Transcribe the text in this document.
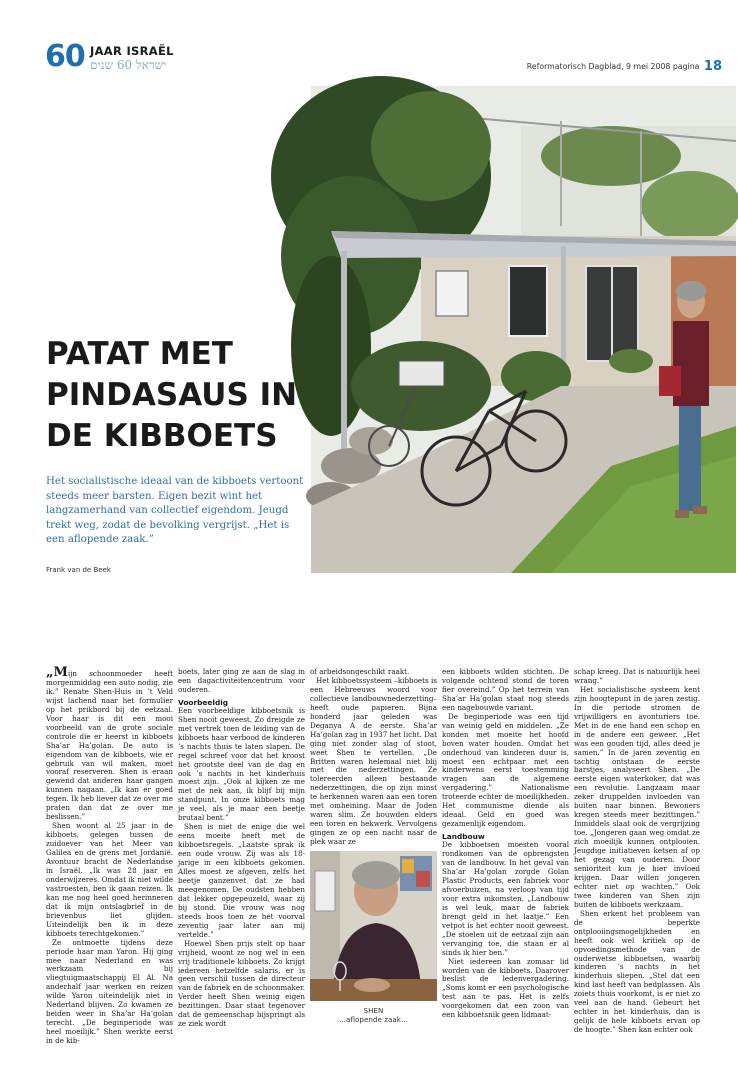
60 JAAR ISRAËL
ישראל 60 שנים	Reformatorisch Dagblad, 9 mei 2008 pagina 18
PATAT MET
PINDASAUS IN
DE KIBBOETS

Het socialistische ideaal van de kibboets vertoont steeds meer barsten. Eigen bezit wint het langzamerhand van collectief eigendom. Jeugd trekt weg, zodat de bevolking vergrijst. „Het is een aflopende zaak.”

Frank van de Beek

„Mijn schoonmoeder heeft morgenmiddag een auto nodig, zie ik.” Renate Shen-Huis in ’t Veld wijst lachend naar het formulier op het prikbord bij de eetzaal. Voor haar is dit een mooi voorbeeld van de grote sociale controle die er heerst in kibboets Sha’ar Ha’golan. De auto is eigendom van de kibboets, wie er gebruik van wil maken, moet vooraf reserveren. Shen is eraan gewend dat anderen haar gangen kunnen nagaan. „Ik kan er goed tegen. Ik heb liever dat ze over me praten dan dat ze over me beslissen.”

Shen woont al 25 jaar in de kibboets, gelegen tussen de zuidoever van het Meer van Galilea en de grens met Jordanië. Avontuur bracht de Nederlandse in Israël. „Ik was 28 jaar en onderwijzeres. Omdat ik niet wilde vastroesten, ben ik gaan reizen. Ik kan me nog heel goed herinneren dat ik mijn ontslagbrief in de brievenbus liet glijden. Uiteindelijk ben ik in deze kibboets terechtgekomen.”

Ze ontmoette tijdens deze periode haar man Yaron. Hij ging mee naar Nederland en was werkzaam bij vliegtuigmaatschappij El Al. Na anderhalf jaar werken en reizen wilde Yaron uiteindelijk niet in Nederland blijven. Zo kwamen ze beiden weer in Sha’ar Ha’golan terecht. „De beginperiode was heel moeilijk.” Shen werkte eerst in de kib-

boets, later ging ze aan de slag in een dagactiviteitencentrum voor ouderen.

Voorbeeldig

Een voorbeeldige kibboetsnik is Shen nooit geweest. Zo dreigde ze met vertrek toen de leiding van de kibboets haar verbood de kinderen ’s nachts thuis te laten slapen. De regel schreef voor dat het kroost het grootste deel van de dag en ook ’s nachts in het kinderhuis moest zijn. „Ook al kijken ze me met de nek aan, ik blijf bij mijn standpunt. In onze kibboets mag je veel, als je maar een beetje brutaal bent.”

Shen is niet de enige die wel eens moeite heeft met de kibboetsregels. „Laatste sprak ik een oude vrouw. Zij was als 18-jarige in een kibboets gekomen. Alles moest ze afgeven, zelfs het beetje ganzenvet dat ze had meegenomen. De oudsten hebben dat lekker opgepeuzeld, waar zij bij stond. Die vrouw was nog steeds boos toen ze het voorval zeventig jaar later aan mij vertelde.”

Hoewel Shen prijs stelt op haar vrijheid, woont ze nog wel in een vrij traditionele kibboets. Zo krijgt iedereen hetzelfde salaris, er is geen verschil tussen de directeur van de fabriek en de schoonmaker. Verder heeft Shen weinig eigen bezittingen. Daar staat tegenover dat de gemeenschap bijspringt als ze ziek wordt

of arbeidsongeschikt raakt.

Het kibboetssysteem –kibboets is een Hebreeuws woord voor collectieve landbouwnederzetting– heeft oude papieren. Bijna honderd jaar geleden was Deganya A de eerste. Sha’ar Ha’golan zag in 1937 het licht. Dat ging niet zonder slag of stoot, weet Shen te vertellen. „De Britten waren helemaal niet blij met die nederzettingen. Ze tolereerden alleen bestaande nederzettingen, die op zijn minst te herkennen waren aan een toren met omheining. Maar de Joden waren slim. Ze bouwden elders een toren en hekwerk. Vervolgens gingen ze op een nacht naar de plek waar ze

SHEN
...aflopende zaak...

een kibboets wilden stichten. De volgende ochtend stond de toren fier overeind.” Op het terrein van Sha’ar Ha’golan staat nog steeds een nagebouwde variant.

De beginperiode was een tijd van weinig geld en middelen. „Ze konden met moeite het hoofd boven water houden. Omdat het onderhoud van kinderen duur is, moest een echtpaar met een kinderwens eerst toestemming vragen aan de algemene vergadering.” Nationalisme troteerde echter de moeilijkheden. Het communisme diende als ideaal. Geld en goed was gezamenlijk eigendom.

Landbouw

De kibboetsen moesten vooral rondkomen van de opbrengsten van de landbouw. In het geval van Sha’ar Ha’golan zorgde Golan Plastic Products, een fabriek voor afvoerbuizen, na verloop van tijd voor extra inkomsten. „Landbouw is wel leuk, maar de fabriek brengt geld in het laatje.” Een vetpot is het echter nooit geweest. „De stoelen uit de eetzaal zijn aan vervanging toe, die staan er al sinds ik hier ben.”

Niet iedereen kan zomaar lid worden van de kibboets. Daarover beslist de ledenvergadering. „Soms komt er een psychologische test aan te pas. Het is zelfs voorgekomen dat een zoon van een kibboetsnik geen lidmaat-

schap kreeg. Dat is natuurlijk heel wrang.”

Het socialistische systeem kent zijn hoogtepunt in de jaren zestig. In die periode stromen de vrijwilligers en avonturiers toe. Met in de ene hand een schop en in de andere een geweer. „Het was een gouden tijd, alles deed je samen.” In de jaren zeventig en tachtig ontstaan de eerste barstjes, analyseert Shen. „De eerste eigen waterkoker, dat was een revolutie. Langzaam maar zeker druppelden invloeden van buiten naar binnen. Bewoners kregen steeds meer bezittingen.” Inmiddels slaat ook de vergrijzing toe. „Jongeren gaan weg omdat ze zich moeilijk kunnen ontplooien. Jeugdige initiatieven ketsen af op het gezag van ouderen. Door senioriteit kun je hier invloed krijgen. Daar willen jongeren echter niet op wachten.” Ook twee kinderen van Shen zijn buiten de kibboets werkzaam.

Shen erkent het probleem van de beperkte ontplooiingsmogelijkheden en heeft ook wel kritiek op de opvoedingsmethode van de ouderwetse kibboetsen, waarbij kinderen ’s nachts in het kinderhuis sliepen. „Stel dat een kind last heeft van bedplassen. Als zoiets thuis voorkomt, is er niet zo veel aan de hand. Gebeurt het echter in het kinderhuis, dan is gelijk de hele kibboets ervan op de hoogte.” Shen kan echter ook
